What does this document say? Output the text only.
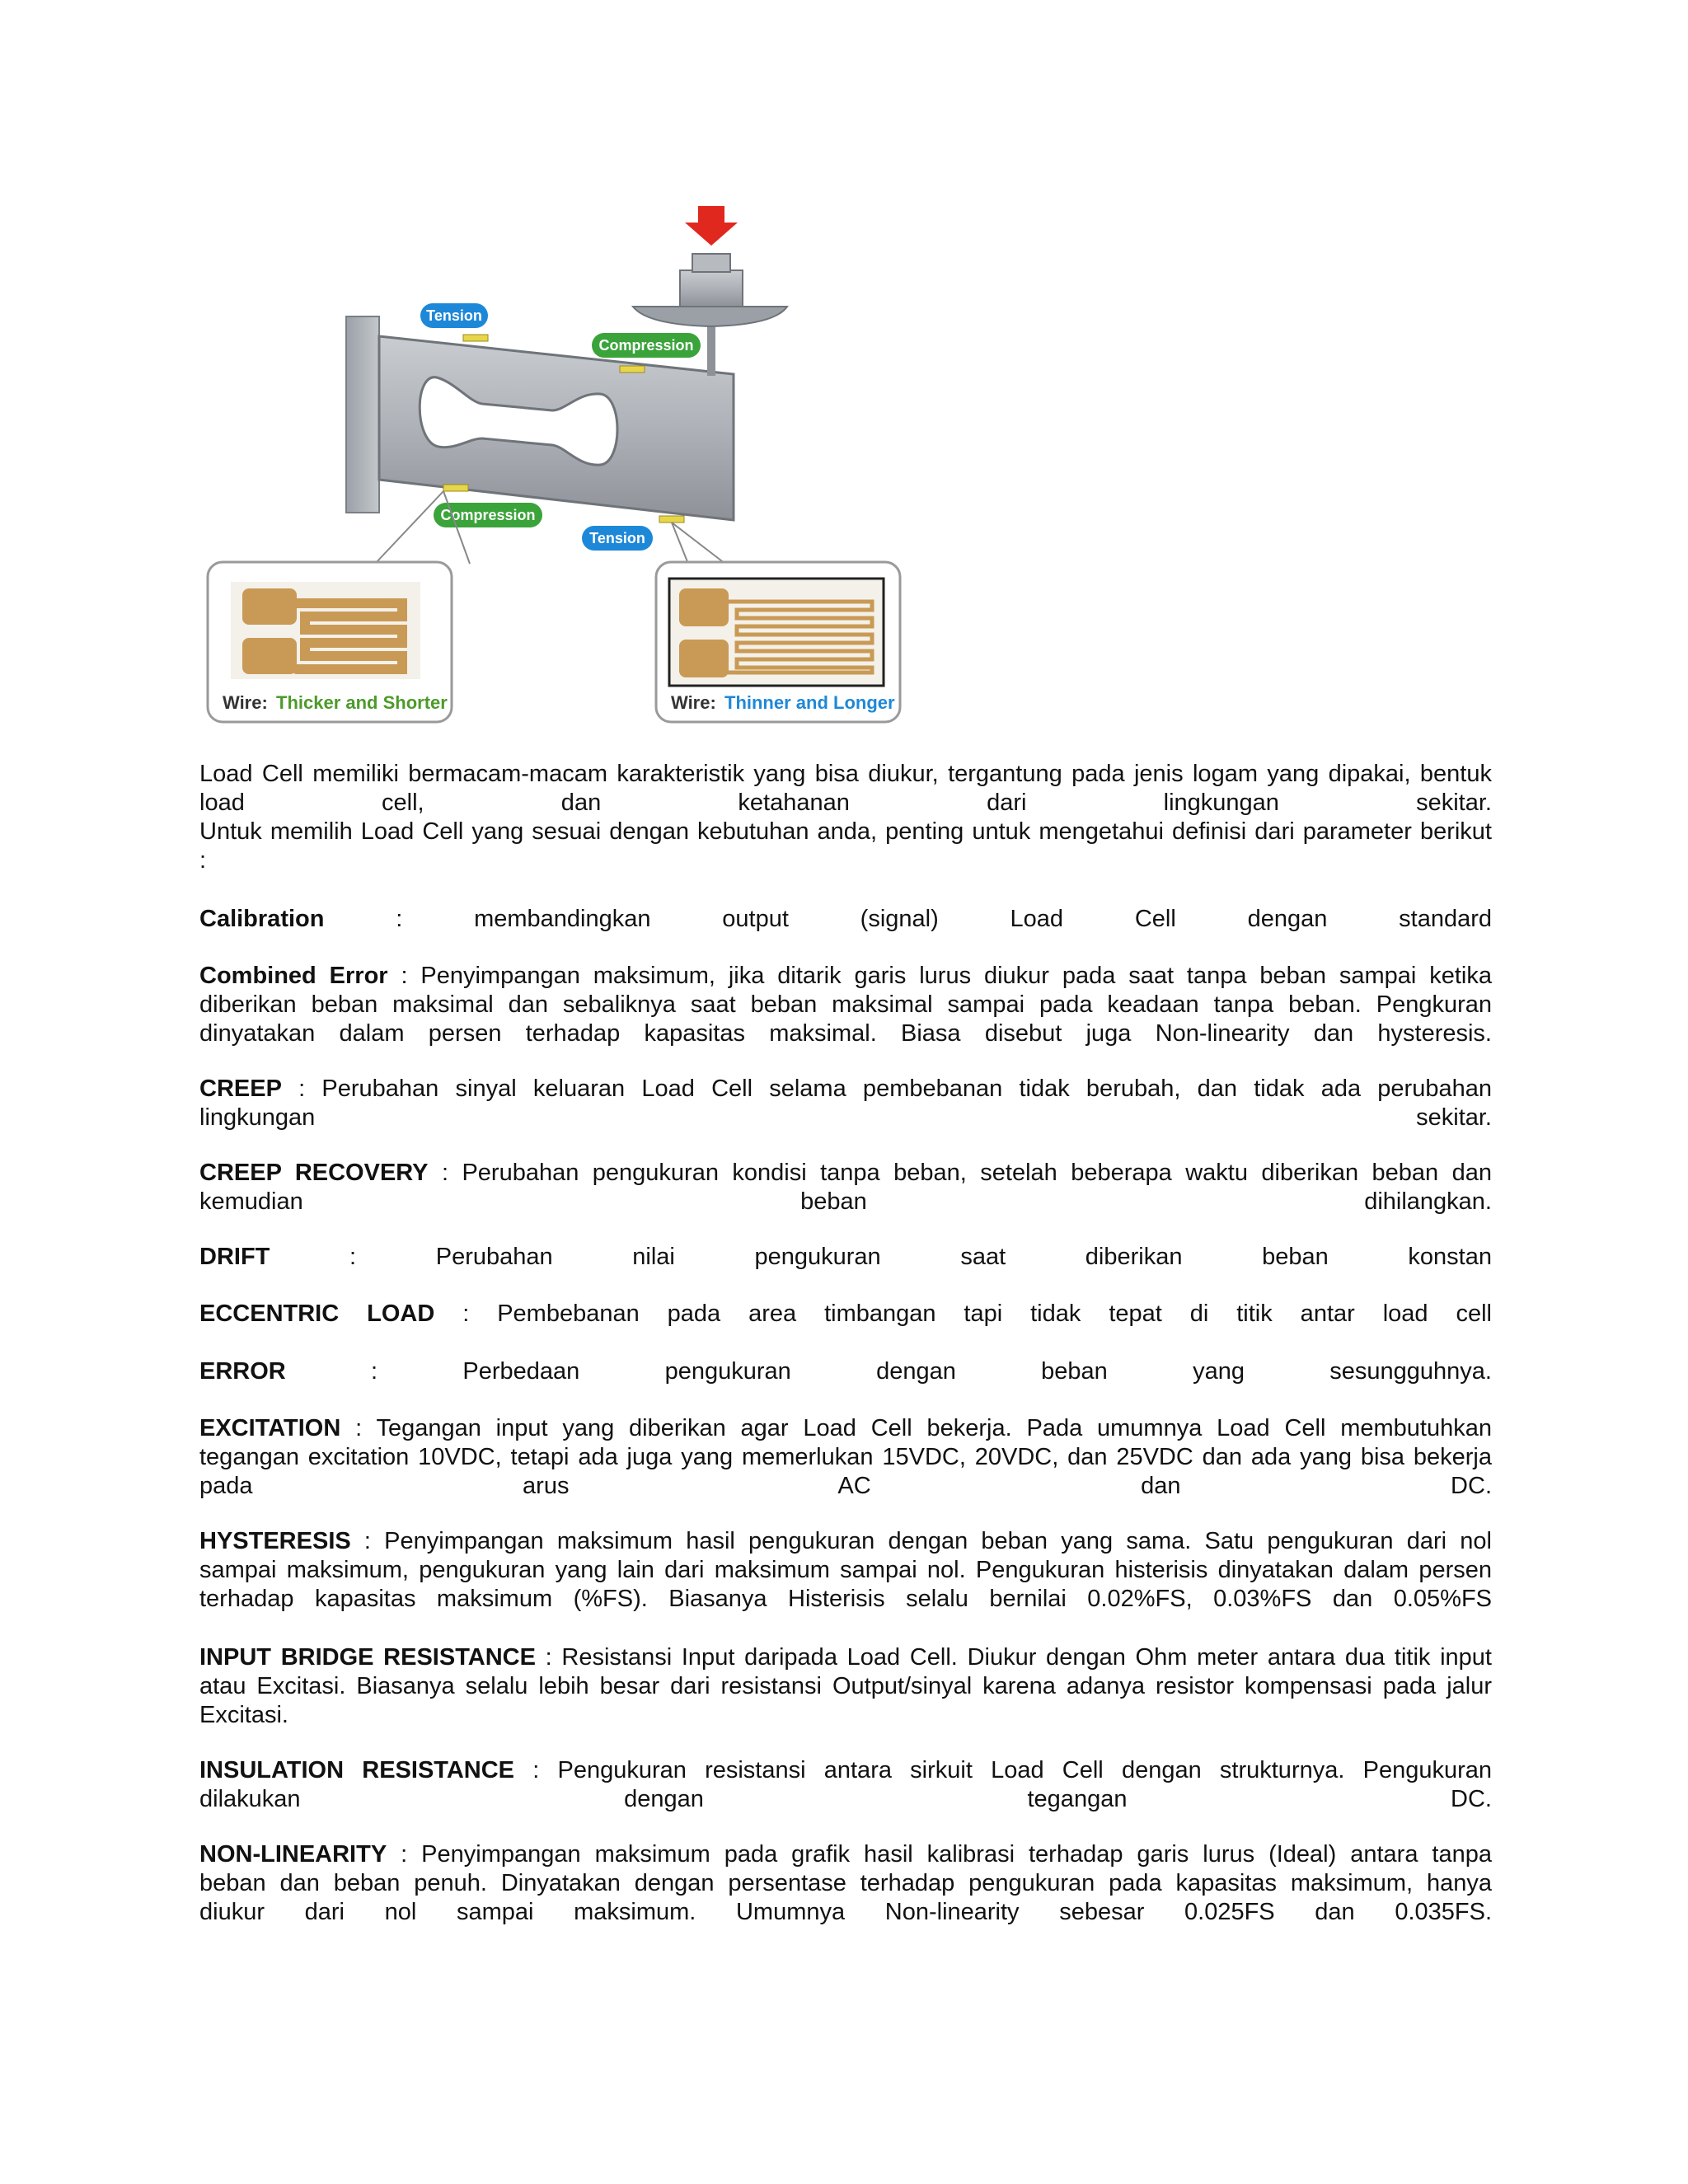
Tension
Compression
Compression
Tension
Wire: Thicker and Shorter	Wire: Thinner and Longer
Load Cell memiliki bermacam-macam karakteristik yang bisa diukur, tergantung pada jenis logam yang dipakai, bentuk
load cell, dan ketahanan dari lingkungan sekitar.
Untuk memilih Load Cell yang sesuai dengan kebutuhan anda, penting untuk mengetahui definisi dari parameter berikut
:
Calibration : membandingkan output (signal) Load Cell dengan standard
Combined Error : Penyimpangan maksimum, jika ditarik garis lurus diukur pada saat tanpa beban sampai ketika
diberikan beban maksimal dan sebaliknya saat beban maksimal sampai pada keadaan tanpa beban. Pengkuran
dinyatakan dalam persen terhadap kapasitas maksimal. Biasa disebut juga Non-linearity dan hysteresis.
CREEP : Perubahan sinyal keluaran Load Cell selama pembebanan tidak berubah, dan tidak ada perubahan
lingkungan sekitar.
CREEP RECOVERY : Perubahan pengukuran kondisi tanpa beban, setelah beberapa waktu diberikan beban dan
kemudian beban dihilangkan.
DRIFT : Perubahan nilai pengukuran saat diberikan beban konstan
ECCENTRIC LOAD : Pembebanan pada area timbangan tapi tidak tepat di titik antar load cell
ERROR : Perbedaan pengukuran dengan beban yang sesungguhnya.
EXCITATION : Tegangan input yang diberikan agar Load Cell bekerja. Pada umumnya Load Cell membutuhkan
tegangan excitation 10VDC, tetapi ada juga yang memerlukan 15VDC, 20VDC, dan 25VDC dan ada yang bisa bekerja
pada arus AC dan DC.
HYSTERESIS : Penyimpangan maksimum hasil pengukuran dengan beban yang sama. Satu pengukuran dari nol
sampai maksimum, pengukuran yang lain dari maksimum sampai nol. Pengukuran histerisis dinyatakan dalam persen
terhadap kapasitas maksimum (%FS). Biasanya Histerisis selalu bernilai 0.02%FS, 0.03%FS dan 0.05%FS
INPUT BRIDGE RESISTANCE : Resistansi Input daripada Load Cell. Diukur dengan Ohm meter antara dua titik input
atau Excitasi. Biasanya selalu lebih besar dari resistansi Output/sinyal karena adanya resistor kompensasi pada jalur
Excitasi.
INSULATION RESISTANCE : Pengukuran resistansi antara sirkuit Load Cell dengan strukturnya. Pengukuran
dilakukan dengan tegangan DC.
NON-LINEARITY : Penyimpangan maksimum pada grafik hasil kalibrasi terhadap garis lurus (Ideal) antara tanpa
beban dan beban penuh. Dinyatakan dengan persentase terhadap pengukuran pada kapasitas maksimum, hanya
diukur dari nol sampai maksimum. Umumnya Non-linearity sebesar 0.025FS dan 0.035FS.
